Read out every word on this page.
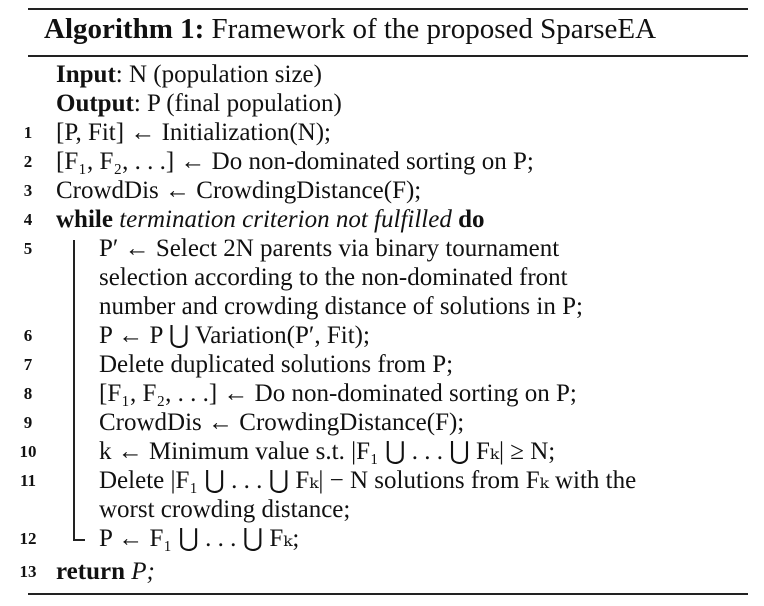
Algorithm 1: Framework of the proposed SparseEA
Input: N (population size)
Output: P (final population)
1 [P, Fit] ← Initialization(N);
2 [F₁, F₂, . . .] ← Do non-dominated sorting on P;
3 CrowdDis ← CrowdingDistance(F);
4 while termination criterion not fulfilled do
5	P′ ← Select 2N parents via binary tournament
selection according to the non-dominated front
number and crowding distance of solutions in P;
6	P ← P ⋃ Variation(P′, Fit);
7	Delete duplicated solutions from P;
8	[F₁, F₂, . . .] ← Do non-dominated sorting on P;
9	CrowdDis ← CrowdingDistance(F);
10	k ← Minimum value s.t. |F₁ ⋃ . . . ⋃ Fₖ| ≥ N;
11	Delete |F₁ ⋃ . . . ⋃ Fₖ| − N solutions from Fₖ with the
worst crowding distance;
12	P ← F₁ ⋃ . . . ⋃ Fₖ;
13 return P;
